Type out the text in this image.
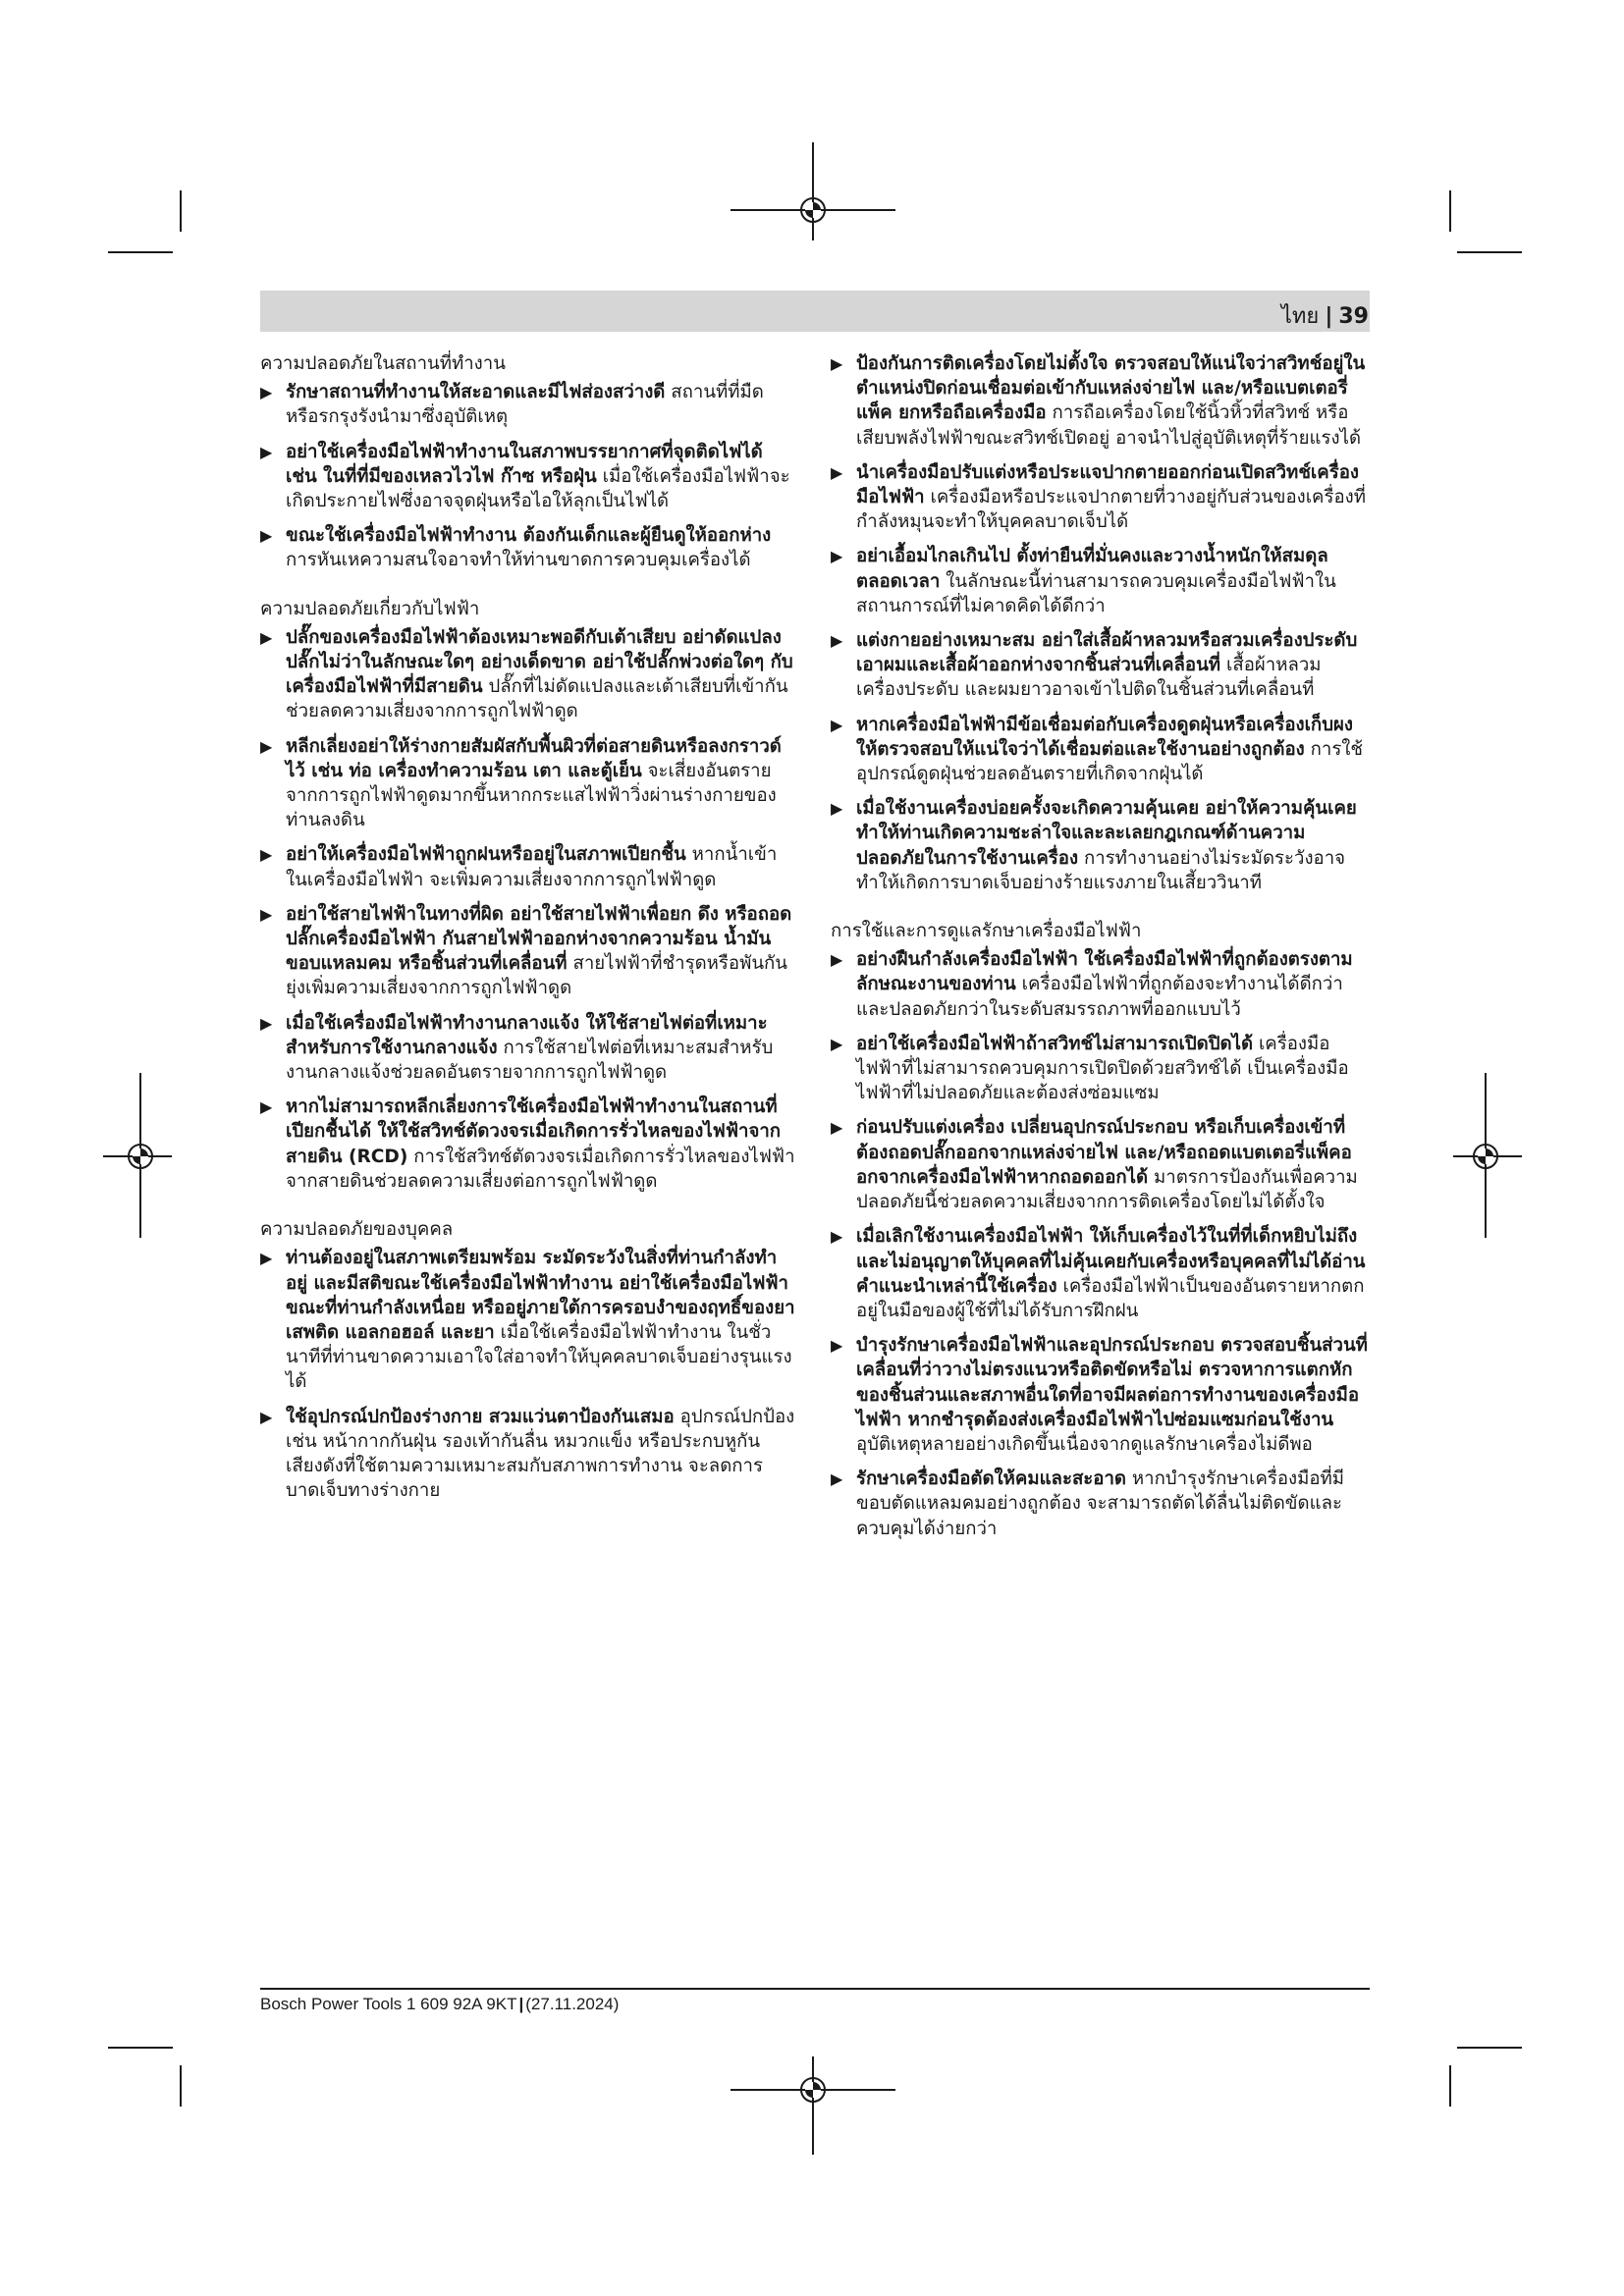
ไทย | 39
ความปลอดภัยในสถานที่ทำงาน
▶ รักษาสถานที่ทำงานให้สะอาดและมีไฟส่องสว่างดี สถานที่ที่มืดหรือรกรุงรังนำมาซึ่งอุบัติเหตุ
▶ อย่าใช้เครื่องมือไฟฟ้าทำงานในสภาพบรรยากาศที่จุดติดไฟได้ เช่น ในที่ที่มีของเหลวไวไฟ ก๊าซ หรือฝุ่น เมื่อใช้เครื่องมือไฟฟ้าจะเกิดประกายไฟซึ่งอาจจุดฝุ่นหรือไอให้ลุกเป็นไฟได้
▶ ขณะใช้เครื่องมือไฟฟ้าทำงาน ต้องกันเด็กและผู้ยืนดูให้ออกห่าง การหันเหความสนใจอาจทำให้ท่านขาดการควบคุมเครื่องได้
ความปลอดภัยเกี่ยวกับไฟฟ้า
▶ ปลั๊กของเครื่องมือไฟฟ้าต้องเหมาะพอดีกับเต้าเสียบ อย่าดัดแปลงปลั๊กไม่ว่าในลักษณะใดๆ อย่างเด็ดขาด อย่าใช้ปลั๊กพ่วงต่อใดๆ กับเครื่องมือไฟฟ้าที่มีสายดิน ปลั๊กที่ไม่ดัดแปลงและเต้าเสียบที่เข้ากันช่วยลดความเสี่ยงจากการถูกไฟฟ้าดูด
▶ หลีกเลี่ยงอย่าให้ร่างกายสัมผัสกับพื้นผิวที่ต่อสายดินหรือลงกราวด์ไว้ เช่น ท่อ เครื่องทำความร้อน เตา และตู้เย็น จะเสี่ยงอันตรายจากการถูกไฟฟ้าดูดมากขึ้นหากกระแสไฟฟ้าวิ่งผ่านร่างกายของท่านลงดิน
▶ อย่าให้เครื่องมือไฟฟ้าถูกฝนหรืออยู่ในสภาพเปียกชื้น หากน้ำเข้าในเครื่องมือไฟฟ้า จะเพิ่มความเสี่ยงจากการถูกไฟฟ้าดูด
▶ อย่าใช้สายไฟฟ้าในทางที่ผิด อย่าใช้สายไฟฟ้าเพื่อยก ดึง หรือถอดปลั๊กเครื่องมือไฟฟ้า กันสายไฟฟ้าออกห่างจากความร้อน น้ำมัน ขอบแหลมคม หรือชิ้นส่วนที่เคลื่อนที่ สายไฟฟ้าที่ชำรุดหรือพันกันยุ่งเพิ่มความเสี่ยงจากการถูกไฟฟ้าดูด
▶ เมื่อใช้เครื่องมือไฟฟ้าทำงานกลางแจ้ง ให้ใช้สายไฟต่อที่เหมาะสำหรับการใช้งานกลางแจ้ง การใช้สายไฟต่อที่เหมาะสมสำหรับงานกลางแจ้งช่วยลดอันตรายจากการถูกไฟฟ้าดูด
▶ หากไม่สามารถหลีกเลี่ยงการใช้เครื่องมือไฟฟ้าทำงานในสถานที่เปียกชื้นได้ ให้ใช้สวิทช์ตัดวงจรเมื่อเกิดการรั่วไหลของไฟฟ้าจากสายดิน (RCD) การใช้สวิทช์ตัดวงจรเมื่อเกิดการรั่วไหลของไฟฟ้าจากสายดินช่วยลดความเสี่ยงต่อการถูกไฟฟ้าดูด
ความปลอดภัยของบุคคล
▶ ท่านต้องอยู่ในสภาพเตรียมพร้อม ระมัดระวังในสิ่งที่ท่านกำลังทำอยู่ และมีสติขณะใช้เครื่องมือไฟฟ้าทำงาน อย่าใช้เครื่องมือไฟฟ้าขณะที่ท่านกำลังเหนื่อย หรืออยู่ภายใต้การครอบงำของฤทธิ์ของยาเสพติด แอลกอฮอล์ และยา เมื่อใช้เครื่องมือไฟฟ้าทำงาน ในชั่วนาทีที่ท่านขาดความเอาใจใส่อาจทำให้บุคคลบาดเจ็บอย่างรุนแรงได้
▶ ใช้อุปกรณ์ปกป้องร่างกาย สวมแว่นตาป้องกันเสมอ อุปกรณ์ปกป้อง เช่น หน้ากากกันฝุ่น รองเท้ากันลื่น หมวกแข็ง หรือประกบหูกันเสียงดังที่ใช้ตามความเหมาะสมกับสภาพการทำงาน จะลดการบาดเจ็บทางร่างกาย
▶ ป้องกันการติดเครื่องโดยไม่ตั้งใจ ตรวจสอบให้แน่ใจว่าสวิทช์อยู่ในตำแหน่งปิดก่อนเชื่อมต่อเข้ากับแหล่งจ่ายไฟ และ/หรือแบตเตอรี่แพ็ค ยกหรือถือเครื่องมือ การถือเครื่องโดยใช้นิ้วหิ้วที่สวิทช์ หรือเสียบพลังไฟฟ้าขณะสวิทช์เปิดอยู่ อาจนำไปสู่อุบัติเหตุที่ร้ายแรงได้
▶ นำเครื่องมือปรับแต่งหรือประแจปากตายออกก่อนเปิดสวิทช์เครื่องมือไฟฟ้า เครื่องมือหรือประแจปากตายที่วางอยู่กับส่วนของเครื่องที่กำลังหมุนจะทำให้บุคคลบาดเจ็บได้
▶ อย่าเอื้อมไกลเกินไป ตั้งท่ายืนที่มั่นคงและวางน้ำหนักให้สมดุลตลอดเวลา ในลักษณะนี้ท่านสามารถควบคุมเครื่องมือไฟฟ้าในสถานการณ์ที่ไม่คาดคิดได้ดีกว่า
▶ แต่งกายอย่างเหมาะสม อย่าใส่เสื้อผ้าหลวมหรือสวมเครื่องประดับ เอาผมและเสื้อผ้าออกห่างจากชิ้นส่วนที่เคลื่อนที่ เสื้อผ้าหลวม เครื่องประดับ และผมยาวอาจเข้าไปติดในชิ้นส่วนที่เคลื่อนที่
▶ หากเครื่องมือไฟฟ้ามีข้อเชื่อมต่อกับเครื่องดูดฝุ่นหรือเครื่องเก็บผง ให้ตรวจสอบให้แน่ใจว่าได้เชื่อมต่อและใช้งานอย่างถูกต้อง การใช้อุปกรณ์ดูดฝุ่นช่วยลดอันตรายที่เกิดจากฝุ่นได้
▶ เมื่อใช้งานเครื่องบ่อยครั้งจะเกิดความคุ้นเคย อย่าให้ความคุ้นเคยทำให้ท่านเกิดความชะล่าใจและละเลยกฎเกณฑ์ด้านความปลอดภัยในการใช้งานเครื่อง การทำงานอย่างไม่ระมัดระวังอาจทำให้เกิดการบาดเจ็บอย่างร้ายแรงภายในเสี้ยววินาที
การใช้และการดูแลรักษาเครื่องมือไฟฟ้า
▶ อย่างฝืนกำลังเครื่องมือไฟฟ้า ใช้เครื่องมือไฟฟ้าที่ถูกต้องตรงตามลักษณะงานของท่าน เครื่องมือไฟฟ้าที่ถูกต้องจะทำงานได้ดีกว่าและปลอดภัยกว่าในระดับสมรรถภาพที่ออกแบบไว้
▶ อย่าใช้เครื่องมือไฟฟ้าถ้าสวิทช์ไม่สามารถเปิดปิดได้ เครื่องมือไฟฟ้าที่ไม่สามารถควบคุมการเปิดปิดด้วยสวิทช์ได้ เป็นเครื่องมือไฟฟ้าที่ไม่ปลอดภัยและต้องส่งซ่อมแซม
▶ ก่อนปรับแต่งเครื่อง เปลี่ยนอุปกรณ์ประกอบ หรือเก็บเครื่องเข้าที่ ต้องถอดปลั๊กออกจากแหล่งจ่ายไฟ และ/หรือถอดแบตเตอรี่แพ็คออกจากเครื่องมือไฟฟ้าหากถอดออกได้ มาตรการป้องกันเพื่อความปลอดภัยนี้ช่วยลดความเสี่ยงจากการติดเครื่องโดยไม่ได้ตั้งใจ
▶ เมื่อเลิกใช้งานเครื่องมือไฟฟ้า ให้เก็บเครื่องไว้ในที่ที่เด็กหยิบไม่ถึง และไม่อนุญาตให้บุคคลที่ไม่คุ้นเคยกับเครื่องหรือบุคคลที่ไม่ได้อ่านคำแนะนำเหล่านี้ใช้เครื่อง เครื่องมือไฟฟ้าเป็นของอันตรายหากตกอยู่ในมือของผู้ใช้ที่ไม่ได้รับการฝึกฝน
▶ บำรุงรักษาเครื่องมือไฟฟ้าและอุปกรณ์ประกอบ ตรวจสอบชิ้นส่วนที่เคลื่อนที่ว่าวางไม่ตรงแนวหรือติดขัดหรือไม่ ตรวจหาการแตกหักของชิ้นส่วนและสภาพอื่นใดที่อาจมีผลต่อการทำงานของเครื่องมือไฟฟ้า หากชำรุดต้องส่งเครื่องมือไฟฟ้าไปซ่อมแซมก่อนใช้งาน อุบัติเหตุหลายอย่างเกิดขึ้นเนื่องจากดูแลรักษาเครื่องไม่ดีพอ
▶ รักษาเครื่องมือตัดให้คมและสะอาด หากบำรุงรักษาเครื่องมือที่มีขอบตัดแหลมคมอย่างถูกต้อง จะสามารถตัดได้ลื่นไม่ติดขัดและควบคุมได้ง่ายกว่า
Bosch Power Tools 1 609 92A 9KT | (27.11.2024)
